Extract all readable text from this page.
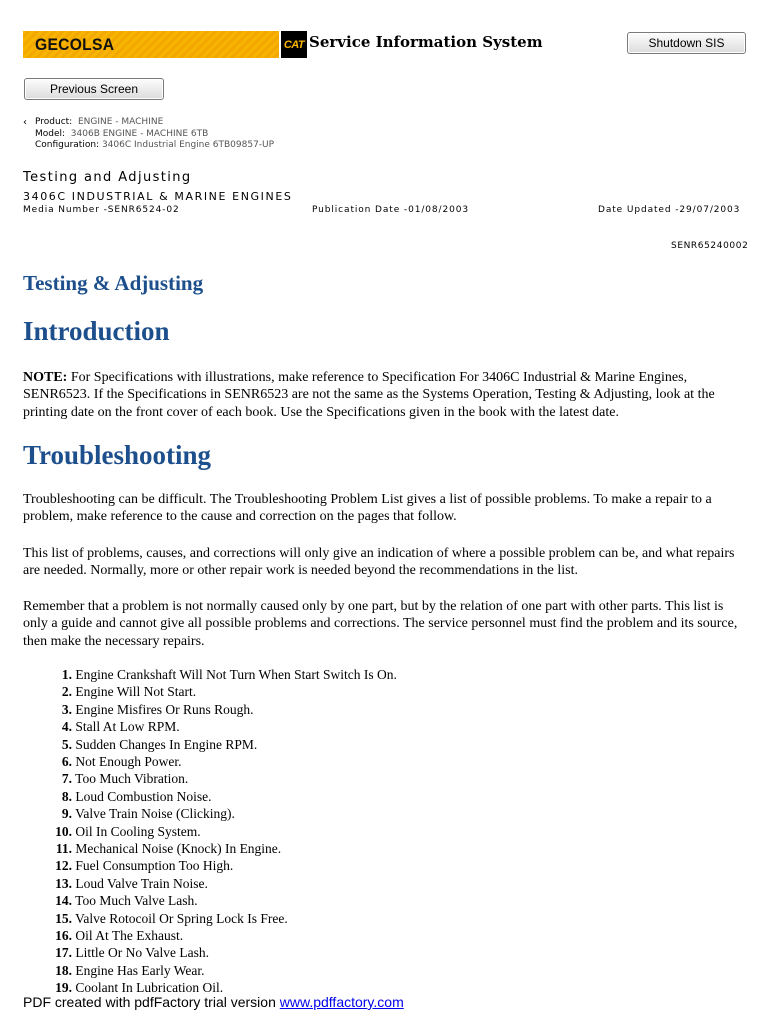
GECOLSA	CAT Service Information System	Shutdown SIS
Previous Screen
‹ Product: ENGINE - MACHINE
Model: 3406B ENGINE - MACHINE 6TB
Configuration: 3406C Industrial Engine 6TB09857-UP
Testing and Adjusting
3406C INDUSTRIAL & MARINE ENGINES
Media Number -SENR6524-02	Publication Date -01/08/2003	Date Updated -29/07/2003
SENR65240002
Testing & Adjusting
Introduction

NOTE: For Specifications with illustrations, make reference to Specification For 3406C Industrial & Marine Engines, SENR6523. If the Specifications in SENR6523 are not the same as the Systems Operation, Testing & Adjusting, look at the printing date on the front cover of each book. Use the Specifications given in the book with the latest date.

Troubleshooting

Troubleshooting can be difficult. The Troubleshooting Problem List gives a list of possible problems. To make a repair to a problem, make reference to the cause and correction on the pages that follow.

This list of problems, causes, and corrections will only give an indication of where a possible problem can be, and what repairs are needed. Normally, more or other repair work is needed beyond the recommendations in the list.

Remember that a problem is not normally caused only by one part, but by the relation of one part with other parts. This list is only a guide and cannot give all possible problems and corrections. The service personnel must find the problem and its source, then make the necessary repairs.

1. Engine Crankshaft Will Not Turn When Start Switch Is On.
2. Engine Will Not Start.
3. Engine Misfires Or Runs Rough.
4. Stall At Low RPM.
5. Sudden Changes In Engine RPM.
6. Not Enough Power.
7. Too Much Vibration.
8. Loud Combustion Noise.
9. Valve Train Noise (Clicking).
10. Oil In Cooling System.
11. Mechanical Noise (Knock) In Engine.
12. Fuel Consumption Too High.
13. Loud Valve Train Noise.
14. Too Much Valve Lash.
15. Valve Rotocoil Or Spring Lock Is Free.
16. Oil At The Exhaust.
17. Little Or No Valve Lash.
18. Engine Has Early Wear.
19. Coolant In Lubrication Oil.
PDF created with pdfFactory trial version www.pdffactory.com
